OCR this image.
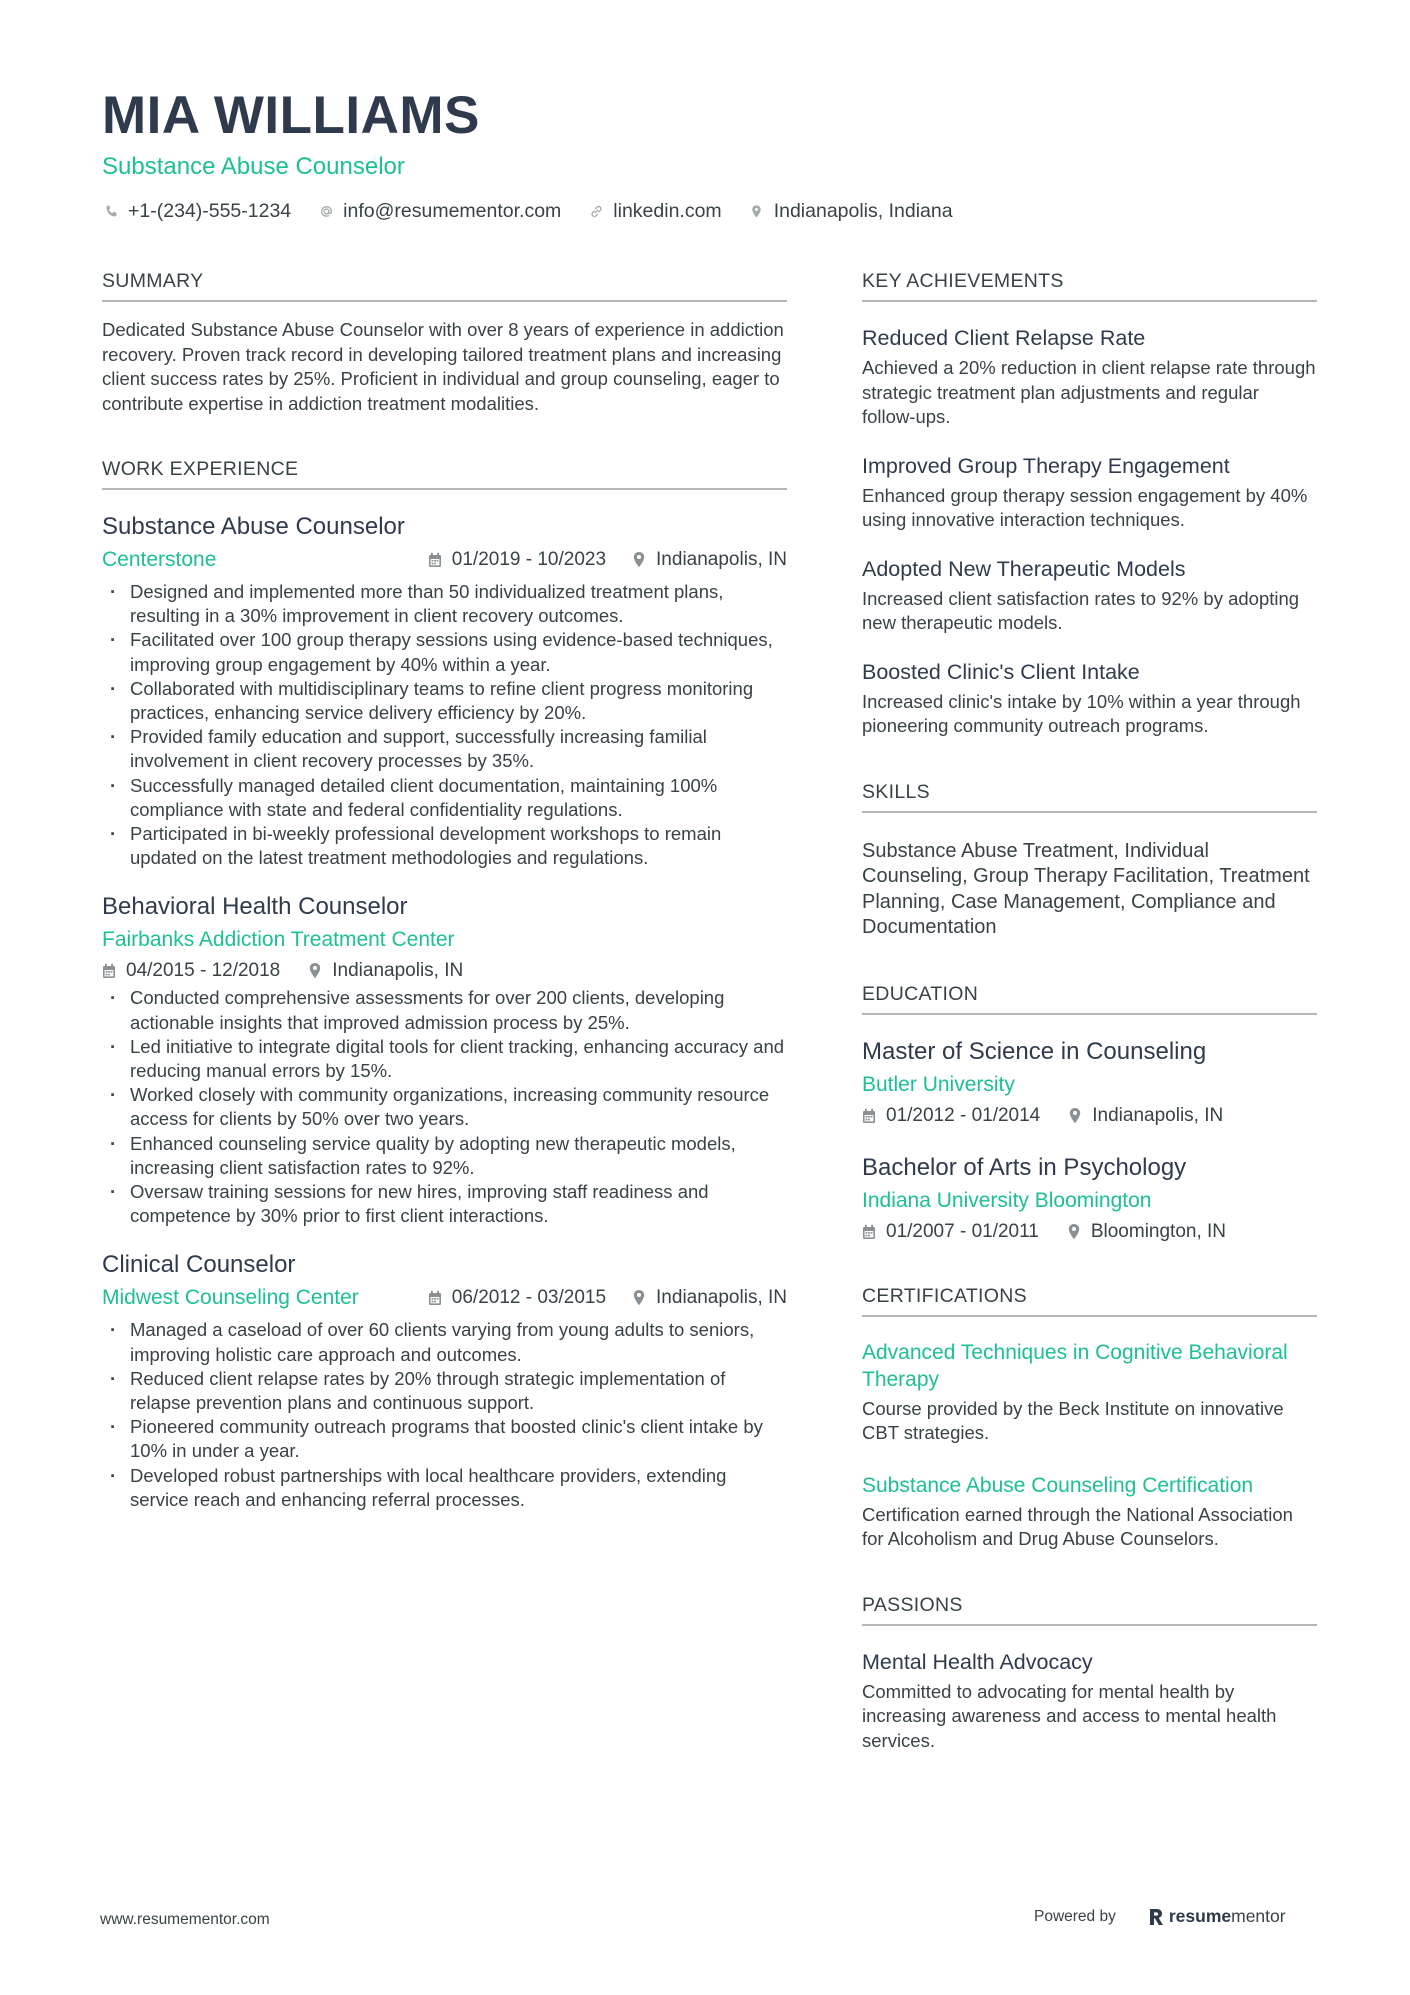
MIA WILLIAMS
Substance Abuse Counselor
+1-(234)-555-1234	info@resumementor.com	linkedin.com	Indianapolis, Indiana
SUMMARY
Dedicated Substance Abuse Counselor with over 8 years of experience in addiction recovery. Proven track record in developing tailored treatment plans and increasing client success rates by 25%. Proficient in individual and group counseling, eager to contribute expertise in addiction treatment modalities.
WORK EXPERIENCE
Substance Abuse Counselor
Centerstone	01/2019 - 10/2023	Indianapolis, IN
· Designed and implemented more than 50 individualized treatment plans, resulting in a 30% improvement in client recovery outcomes.
· Facilitated over 100 group therapy sessions using evidence-based techniques, improving group engagement by 40% within a year.
· Collaborated with multidisciplinary teams to refine client progress monitoring practices, enhancing service delivery efficiency by 20%.
· Provided family education and support, successfully increasing familial involvement in client recovery processes by 35%.
· Successfully managed detailed client documentation, maintaining 100% compliance with state and federal confidentiality regulations.
· Participated in bi-weekly professional development workshops to remain updated on the latest treatment methodologies and regulations.
Behavioral Health Counselor
Fairbanks Addiction Treatment Center
04/2015 - 12/2018	Indianapolis, IN
· Conducted comprehensive assessments for over 200 clients, developing actionable insights that improved admission process by 25%.
· Led initiative to integrate digital tools for client tracking, enhancing accuracy and reducing manual errors by 15%.
· Worked closely with community organizations, increasing community resource access for clients by 50% over two years.
· Enhanced counseling service quality by adopting new therapeutic models, increasing client satisfaction rates to 92%.
· Oversaw training sessions for new hires, improving staff readiness and competence by 30% prior to first client interactions.
Clinical Counselor
Midwest Counseling Center	06/2012 - 03/2015	Indianapolis, IN
· Managed a caseload of over 60 clients varying from young adults to seniors, improving holistic care approach and outcomes.
· Reduced client relapse rates by 20% through strategic implementation of relapse prevention plans and continuous support.
· Pioneered community outreach programs that boosted clinic's client intake by 10% in under a year.
· Developed robust partnerships with local healthcare providers, extending service reach and enhancing referral processes.
KEY ACHIEVEMENTS
Reduced Client Relapse Rate
Achieved a 20% reduction in client relapse rate through strategic treatment plan adjustments and regular follow-ups.
Improved Group Therapy Engagement
Enhanced group therapy session engagement by 40% using innovative interaction techniques.
Adopted New Therapeutic Models
Increased client satisfaction rates to 92% by adopting new therapeutic models.
Boosted Clinic's Client Intake
Increased clinic's intake by 10% within a year through pioneering community outreach programs.
SKILLS
Substance Abuse Treatment, Individual Counseling, Group Therapy Facilitation, Treatment Planning, Case Management, Compliance and Documentation
EDUCATION
Master of Science in Counseling
Butler University
01/2012 - 01/2014	Indianapolis, IN
Bachelor of Arts in Psychology
Indiana University Bloomington
01/2007 - 01/2011	Bloomington, IN
CERTIFICATIONS
Advanced Techniques in Cognitive Behavioral Therapy
Course provided by the Beck Institute on innovative CBT strategies.
Substance Abuse Counseling Certification
Certification earned through the National Association for Alcoholism and Drug Abuse Counselors.
PASSIONS
Mental Health Advocacy
Committed to advocating for mental health by increasing awareness and access to mental health services.
www.resumementor.com	Powered by	resume mentor
